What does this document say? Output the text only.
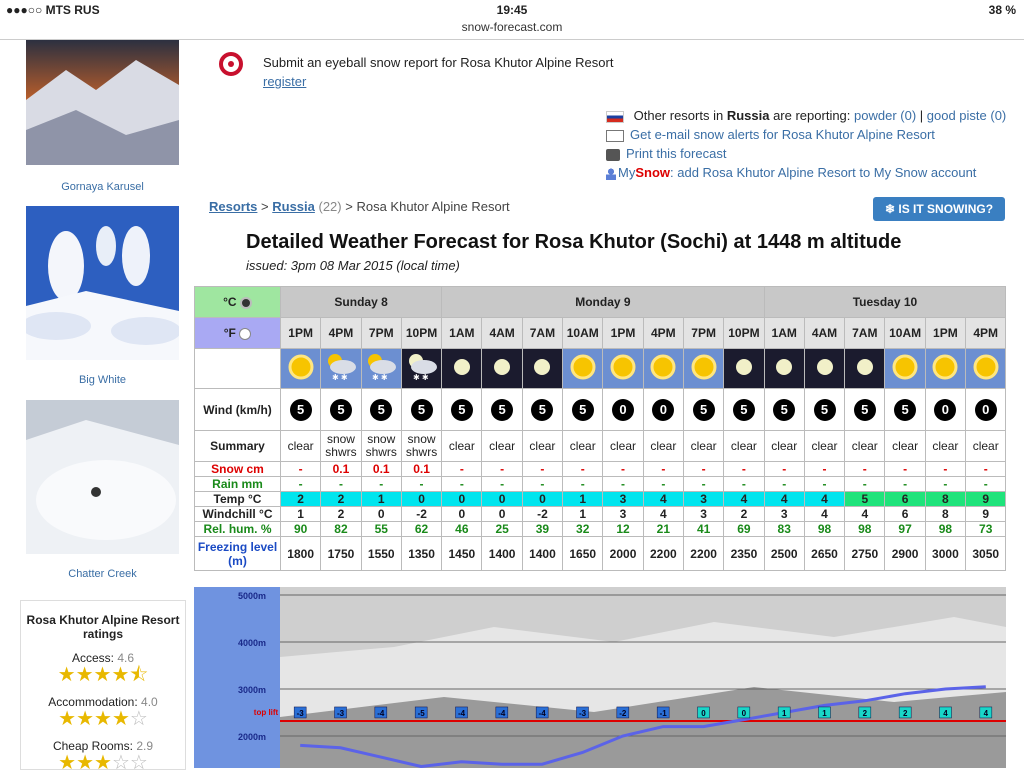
●●●○○ MTS RUS	19:45	38 %
snow-forecast.com
Gornaya Karusel
Big White
Chatter Creek
Rosa Khutor Alpine Resort ratings
Access: 4.6
★★★★⯪
Accommodation: 4.0
★★★★☆
Cheap Rooms: 2.9
★★★☆☆
Submit an eyeball snow report for Rosa Khutor Alpine Resort
register
Other resorts in Russia are reporting: powder (0) | good piste (0)
Get e-mail snow alerts for Rosa Khutor Alpine Resort
Print this forecast
MySnow: add Rosa Khutor Alpine Resort to My Snow account
Resorts > Russia (22) > Rosa Khutor Alpine Resort	❄ IS IT SNOWING?
Detailed Weather Forecast for Rosa Khutor (Sochi) at 1448 m altitude
issued: 3pm 08 Mar 2015 (local time)
°C	Sunday 8				Monday 9								Tuesday 10					
°F	1PM	4PM	7PM	10PM	1AM	4AM	7AM	10AM	1PM	4PM	7PM	10PM	1AM	4AM	7AM	10AM	1PM	4PM

✱ ✱	✱ ✱	✱ ✱

Wind (km/h)	5	5	5	5	5	5	5	5	0	0	5	5	5	5	5	5	0	0
Summary	clear	snow shwrs	snow shwrs	snow shwrs	clear	clear	clear	clear	clear	clear	clear	clear	clear	clear	clear	clear	clear	clear
Snow cm	-	0.1	0.1	0.1	-	-	-	-	-	-	-	-	-	-	-	-	-	-
Rain mm	-	-	-	-	-	-	-	-	-	-	-	-	-	-	-	-	-	-
Temp °C	2	2	1	0	0	0	0	1	3	4	3	4	4	4	5	6	8	9
Windchill °C	1	2	0	-2	0	0	-2	1	3	4	3	2	3	4	4	6	8	9
Rel. hum. %	90	82	55	62	46	25	39	32	12	21	41	69	83	98	98	97	98	73
Freezing level (m)	1800	1750	1550	1350	1450	1400	1400	1650	2000	2200	2200	2350	2500	2650	2750	2900	3000	3050
5000m
4000m
3000m
2000m
top lift -3	-3	-4	-5	-4	-4	-4	-3	-2	-1	0	0	1	1	2	2	4	4
